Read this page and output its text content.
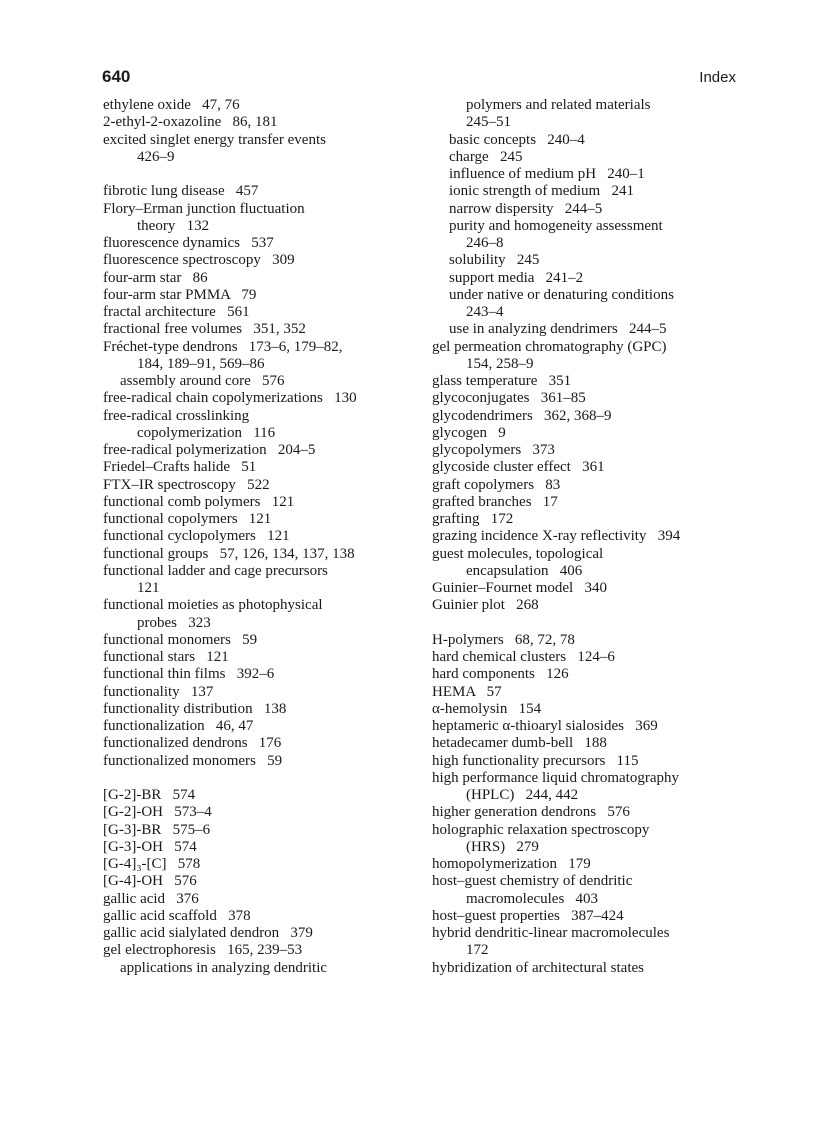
640	Index
ethylene oxide   47, 76
2-ethyl-2-oxazoline   86, 181
excited singlet energy transfer events
426–9
fibrotic lung disease   457
Flory–Erman junction fluctuation
theory   132
fluorescence dynamics   537
fluorescence spectroscopy   309
four-arm star   86
four-arm star PMMA   79
fractal architecture   561
fractional free volumes   351, 352
Fréchet-type dendrons   173–6, 179–82,
184, 189–91, 569–86
assembly around core   576
free-radical chain copolymerizations   130
free-radical crosslinking
copolymerization   116
free-radical polymerization   204–5
Friedel–Crafts halide   51
FTX–IR spectroscopy   522
functional comb polymers   121
functional copolymers   121
functional cyclopolymers   121
functional groups   57, 126, 134, 137, 138
functional ladder and cage precursors
121
functional moieties as photophysical
probes   323
functional monomers   59
functional stars   121
functional thin films   392–6
functionality   137
functionality distribution   138
functionalization   46, 47
functionalized dendrons   176
functionalized monomers   59
[G-2]-BR   574
[G-2]-OH   573–4
[G-3]-BR   575–6
[G-3]-OH   574
[G-4]₃-[C]   578
[G-4]-OH   576
gallic acid   376
gallic acid scaffold   378
gallic acid sialylated dendron   379
gel electrophoresis   165, 239–53
applications in analyzing dendritic
polymers and related materials
245–51
basic concepts   240–4
charge   245
influence of medium pH   240–1
ionic strength of medium   241
narrow dispersity   244–5
purity and homogeneity assessment
246–8
solubility   245
support media   241–2
under native or denaturing conditions
243–4
use in analyzing dendrimers   244–5
gel permeation chromatography (GPC)
154, 258–9
glass temperature   351
glycoconjugates   361–85
glycodendrimers   362, 368–9
glycogen   9
glycopolymers   373
glycoside cluster effect   361
graft copolymers   83
grafted branches   17
grafting   172
grazing incidence X-ray reflectivity   394
guest molecules, topological
encapsulation   406
Guinier–Fournet model   340
Guinier plot   268
H-polymers   68, 72, 78
hard chemical clusters   124–6
hard components   126
HEMA   57
α-hemolysin   154
heptameric α-thioaryl sialosides   369
hetadecamer dumb-bell   188
high functionality precursors   115
high performance liquid chromatography
(HPLC)   244, 442
higher generation dendrons   576
holographic relaxation spectroscopy
(HRS)   279
homopolymerization   179
host–guest chemistry of dendritic
macromolecules   403
host–guest properties   387–424
hybrid dendritic-linear macromolecules
172
hybridization of architectural states
